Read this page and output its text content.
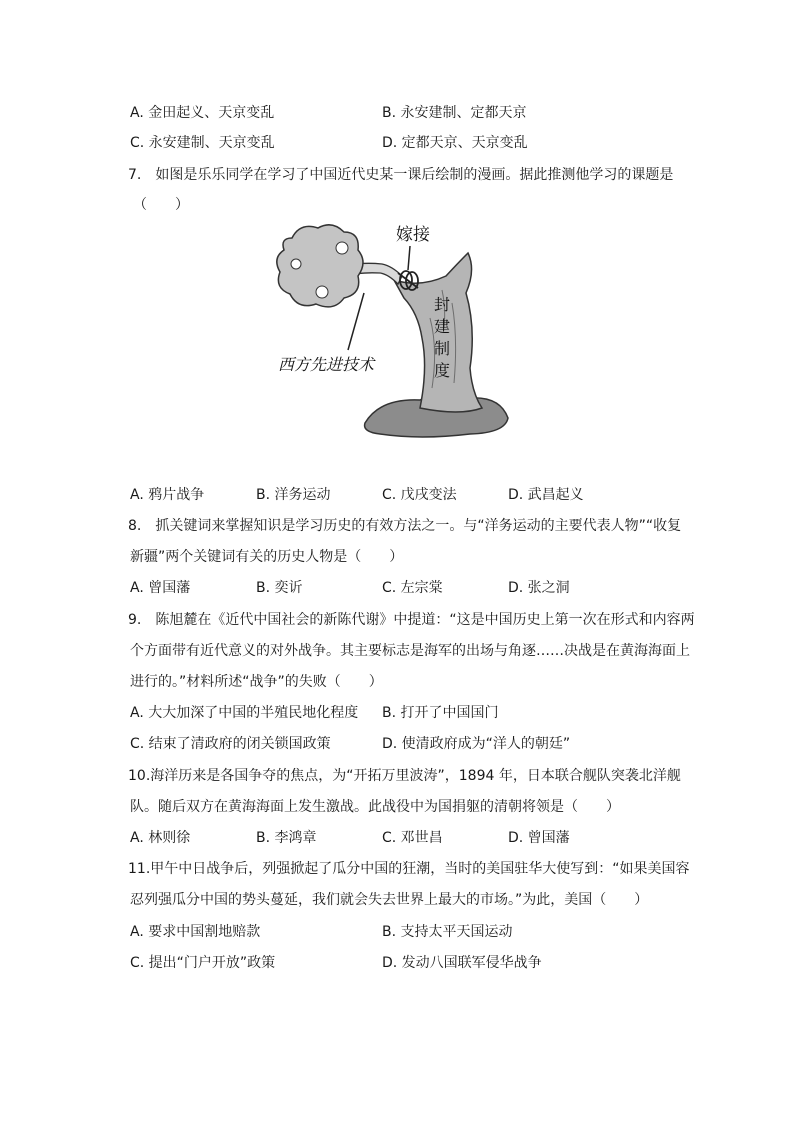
A. 金田起义、天京变乱	B. 永安建制、定都天京
C. 永安建制、天京变乱	D. 定都天京、天京变乱
7.　如图是乐乐同学在学习了中国近代史某一课后绘制的漫画。据此推测他学习的课题是
（　　）
嫁接
封
建
制
度
西方先进技术
A. 鸦片战争	B. 洋务运动	C. 戊戌变法	D. 武昌起义
8.　抓关键词来掌握知识是学习历史的有效方法之一。与“洋务运动的主要代表人物”“收复
新疆”两个关键词有关的历史人物是（　　）
A. 曾国藩	B. 奕䜣	C. 左宗棠	D. 张之洞
9.　陈旭麓在《近代中国社会的新陈代谢》中提道：“这是中国历史上第一次在形式和内容两
个方面带有近代意义的对外战争。其主要标志是海军的出场与角逐……决战是在黄海海面上
进行的。”材料所述“战争”的失败（　　）
A. 大大加深了中国的半殖民地化程度 B. 打开了中国国门
C. 结束了清政府的闭关锁国政策	D. 使清政府成为“洋人的朝廷”
10.海洋历来是各国争夺的焦点，为“开拓万里波涛”，1894 年，日本联合舰队突袭北洋舰
队。随后双方在黄海海面上发生激战。此战役中为国捐躯的清朝将领是（　　）
A. 林则徐	B. 李鸿章	C. 邓世昌	D. 曾国藩
11.甲午中日战争后，列强掀起了瓜分中国的狂潮，当时的美国驻华大使写到：“如果美国容
忍列强瓜分中国的势头蔓延，我们就会失去世界上最大的市场。”为此，美国（　　）
A. 要求中国割地赔款	B. 支持太平天国运动
C. 提出“门户开放”政策	D. 发动八国联军侵华战争
